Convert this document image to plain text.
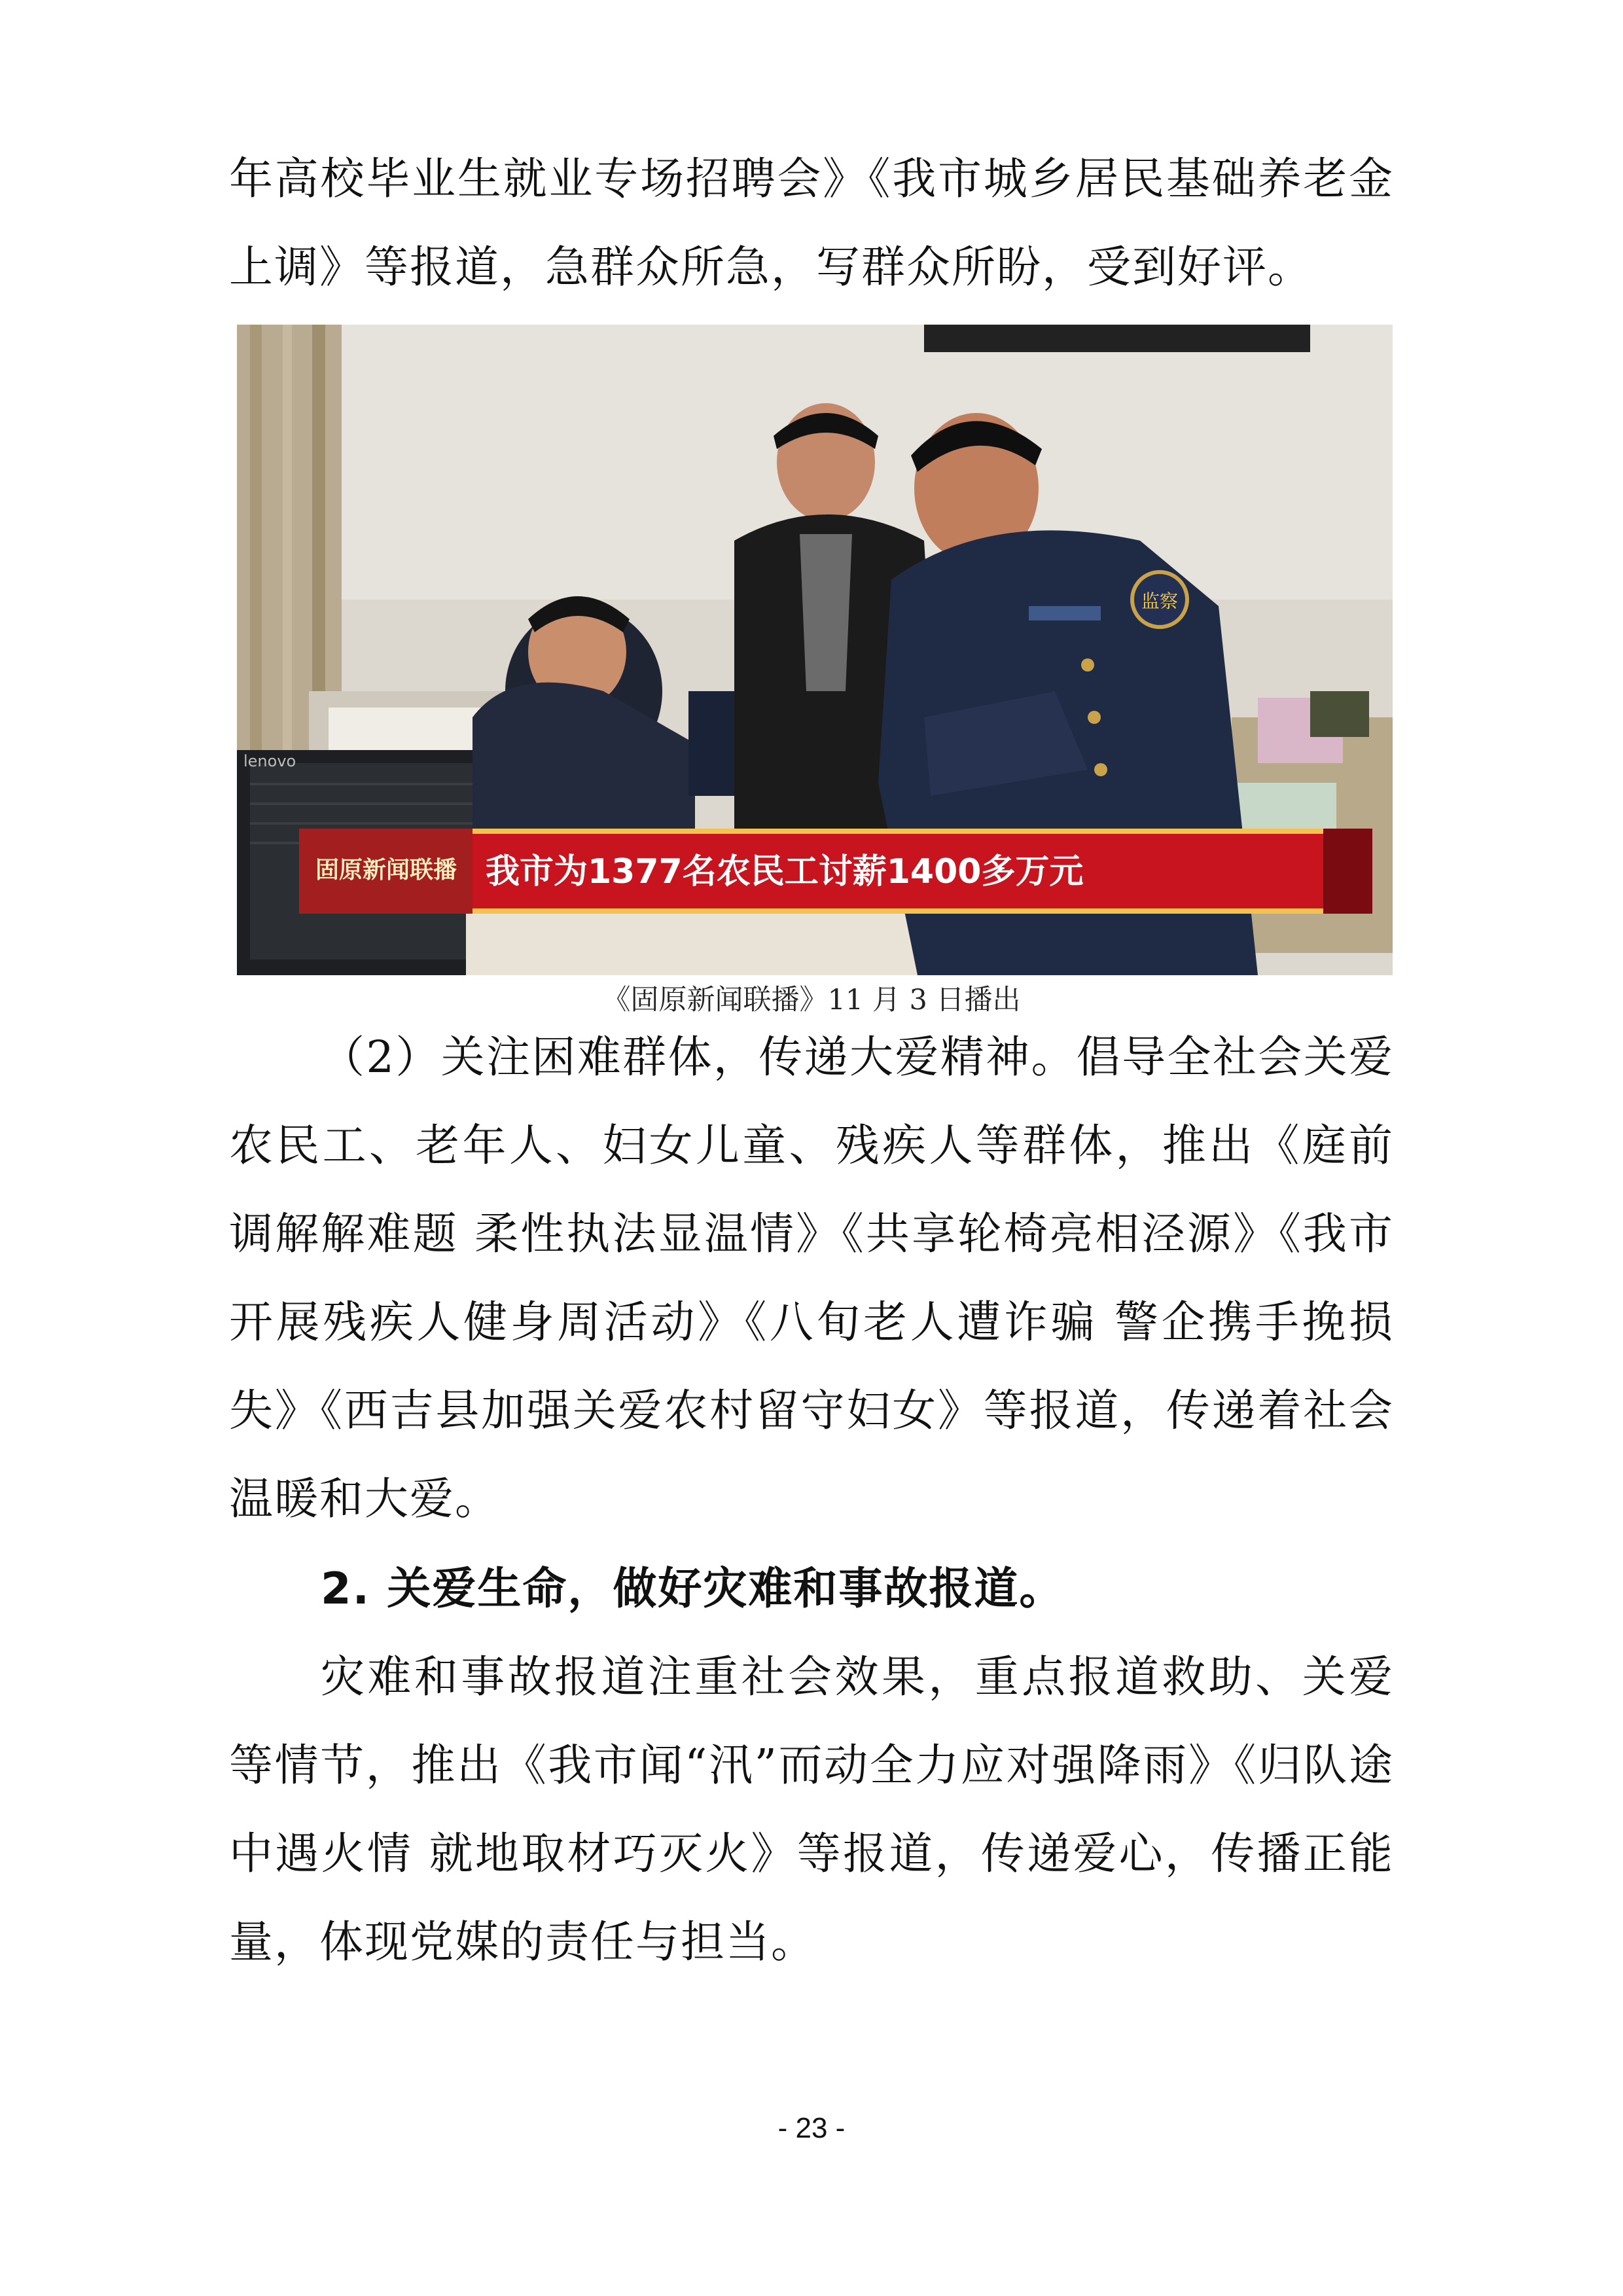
年高校毕业生就业专场招聘会》《我市城乡居民基础养老金上调》等报道，急群众所急，写群众所盼，受到好评。

监察
固原新闻联播 我市为1377名农民工讨薪1400多万元
lenovo
《固原新闻联播》11 月 3 日播出

（2）关注困难群体，传递大爱精神。倡导全社会关爱农民工、老年人、妇女儿童、残疾人等群体，推出《庭前调解解难题 柔性执法显温情》《共享轮椅亮相泾源》《我市开展残疾人健身周活动》《八旬老人遭诈骗 警企携手挽损失》《西吉县加强关爱农村留守妇女》等报道，传递着社会温暖和大爱。

2. 关爱生命，做好灾难和事故报道。

灾难和事故报道注重社会效果，重点报道救助、关爱等情节，推出《我市闻“汛”而动全力应对强降雨》《归队途中遇火情 就地取材巧灭火》等报道，传递爱心，传播正能量，体现党媒的责任与担当。

- 23 -
